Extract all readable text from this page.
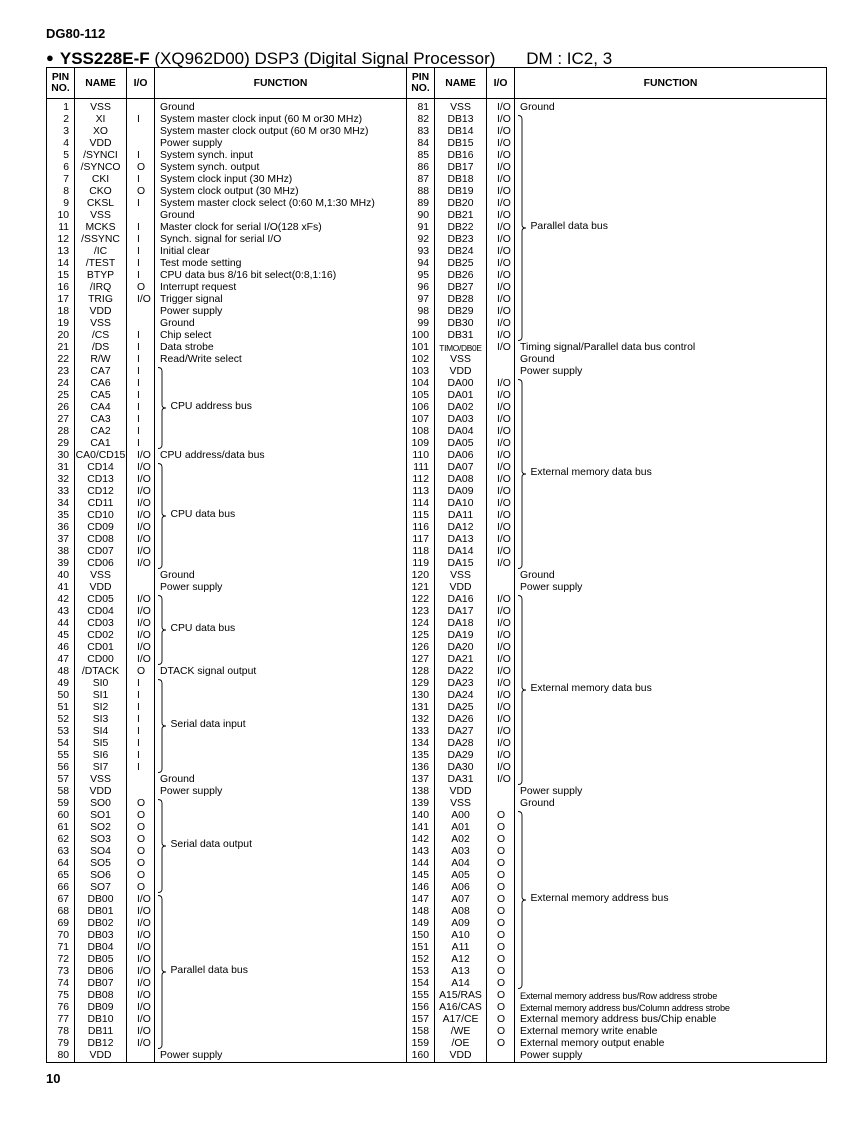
DG80-112
● YSS228E-F (XQ962D00) DSP3 (Digital Signal Processor) DM : IC2, 3
PIN NO.	NAME	I/O	FUNCTION	PIN NO.	NAME	I/O	FUNCTION
1	VSS		Ground	81	VSS	I/O	Ground
2	XI	I	System master clock input (60 M or30 MHz)	82	DB13	I/O	
3	XO		System master clock output (60 M or30 MHz)	83	DB14	I/O	
4	VDD		Power supply	84	DB15	I/O	
5	/SYNCI	I	System synch. input	85	DB16	I/O	
6	/SYNCO	O	System synch. output	86	DB17	I/O	
7	CKI	I	System clock input (30 MHz)	87	DB18	I/O	
8	CKO	O	System clock output (30 MHz)	88	DB19	I/O	
9	CKSL	I	System master clock select (0:60 M,1:30 MHz)	89	DB20	I/O	
10	VSS		Ground	90	DB21	I/O	
11	MCKS	I	Master clock for serial I/O(128 xFs)	91	DB22	I/O	
12	/SSYNC	I	Synch. signal for serial I/O	92	DB23	I/O	
13	/IC	I	Initial clear	93	DB24	I/O	
14	/TEST	I	Test mode setting	94	DB25	I/O	
15	BTYP	I	CPU data bus 8/16 bit select(0:8,1:16)	95	DB26	I/O	
16	/IRQ	O	Interrupt request	96	DB27	I/O	
17	TRIG	I/O	Trigger signal	97	DB28	I/O	
18	VDD		Power supply	98	DB29	I/O	
19	VSS		Ground	99	DB30	I/O	
20	/CS	I	Chip select	100	DB31	I/O	
21	/DS	I	Data strobe	101	TIMO/DB0E	I/O	Timing signal/Parallel data bus control
22	R/W	I	Read/Write select	102	VSS		Ground
23	CA7	I		103	VDD		Power supply
24	CA6	I		104	DA00	I/O	
25	CA5	I		105	DA01	I/O	
26	CA4	I		106	DA02	I/O	
27	CA3	I		107	DA03	I/O	
28	CA2	I		108	DA04	I/O	
29	CA1	I		109	DA05	I/O	
30	CA0/CD15	I/O	CPU address/data bus	110	DA06	I/O	
31	CD14	I/O		111	DA07	I/O	
32	CD13	I/O		112	DA08	I/O	
33	CD12	I/O		113	DA09	I/O	
34	CD11	I/O		114	DA10	I/O	
35	CD10	I/O		115	DA11	I/O	
36	CD09	I/O		116	DA12	I/O	
37	CD08	I/O		117	DA13	I/O	
38	CD07	I/O		118	DA14	I/O	
39	CD06	I/O		119	DA15	I/O	
40	VSS		Ground	120	VSS		Ground
41	VDD		Power supply	121	VDD		Power supply
42	CD05	I/O		122	DA16	I/O	
43	CD04	I/O		123	DA17	I/O	
44	CD03	I/O		124	DA18	I/O	
45	CD02	I/O		125	DA19	I/O	
46	CD01	I/O		126	DA20	I/O	
47	CD00	I/O		127	DA21	I/O	
48	/DTACK	O	DTACK signal output	128	DA22	I/O	
49	SI0	I		129	DA23	I/O	
50	SI1	I		130	DA24	I/O	
51	SI2	I		131	DA25	I/O	
52	SI3	I		132	DA26	I/O	
53	SI4	I		133	DA27	I/O	
54	SI5	I		134	DA28	I/O	
55	SI6	I		135	DA29	I/O	
56	SI7	I		136	DA30	I/O	
57	VSS		Ground	137	DA31	I/O	
58	VDD		Power supply	138	VDD		Power supply
59	SO0	O		139	VSS		Ground
60	SO1	O		140	A00	O	
61	SO2	O		141	A01	O	
62	SO3	O		142	A02	O	
63	SO4	O		143	A03	O	
64	SO5	O		144	A04	O	
65	SO6	O		145	A05	O	
66	SO7	O		146	A06	O	
67	DB00	I/O		147	A07	O	
68	DB01	I/O		148	A08	O	
69	DB02	I/O		149	A09	O	
70	DB03	I/O		150	A10	O	
71	DB04	I/O		151	A11	O	
72	DB05	I/O		152	A12	O	
73	DB06	I/O		153	A13	O	
74	DB07	I/O		154	A14	O	
75	DB08	I/O		155	A15/RAS	O	External memory address bus/Row address strobe
76	DB09	I/O		156	A16/CAS	O	External memory address bus/Column address strobe
77	DB10	I/O		157	A17/CE	O	External memory address bus/Chip enable
78	DB11	I/O		158	/WE	O	External memory write enable
79	DB12	I/O		159	/OE	O	External memory output enable
80	VDD		Power supply	160	VDD		Power supply
10
CPU address bus
CPU data bus
CPU data bus
Serial data input
Serial data output
Parallel data bus
Parallel data bus
External memory data bus
External memory data bus
External memory address bus
